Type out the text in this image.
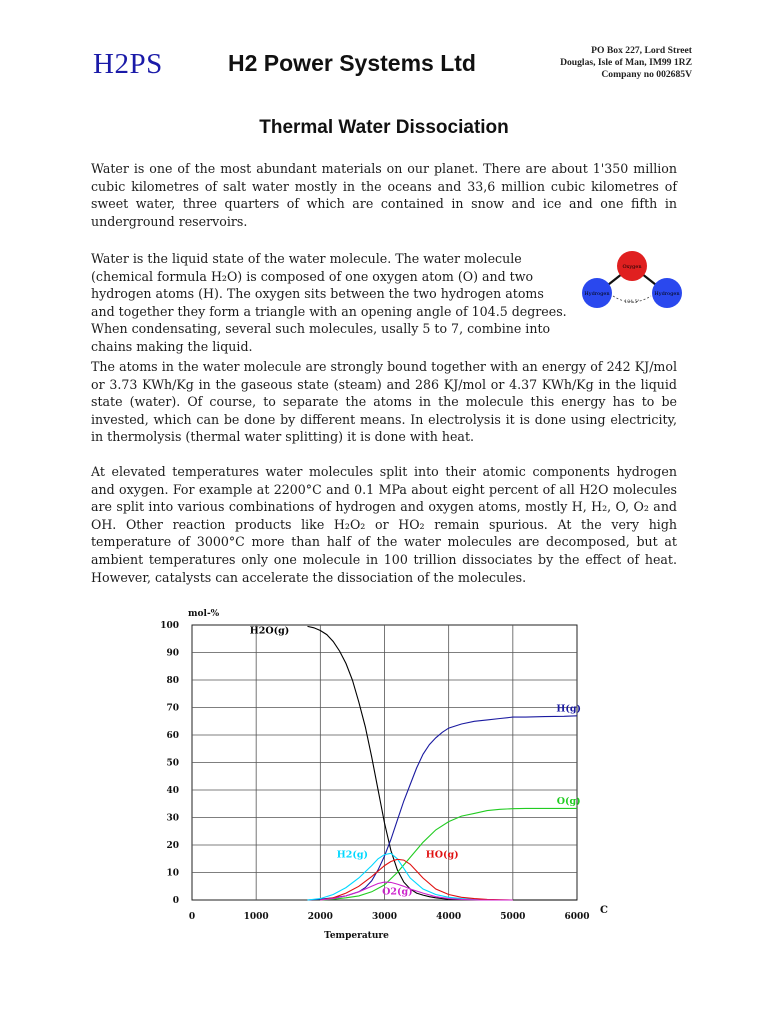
H2PS	H2 Power Systems Ltd	PO Box 227, Lord Street
Douglas, Isle of Man, IM99 1RZ
Company no 002685V
Thermal Water Dissociation

Water is one of the most abundant materials on our planet. There are about 1'350 million cubic kilometres of salt water mostly in the oceans and 33,6 million cubic kilometres of sweet water, three quarters of which are contained in snow and ice and one fifth in underground reservoirs.

Water is the liquid state of the water molecule. The water molecule (chemical formula H₂O) is composed of one oxygen atom (O) and two hydrogen atoms (H). The oxygen sits between the two hydrogen atoms and together they form a triangle with an opening angle of 104.5 degrees. When condensating, several such molecules, usally 5 to 7, combine into chains making the liquid.

Oxygen
Hydrogen	Hydrogen
104.5°

The atoms in the water molecule are strongly bound together with an energy of 242 KJ/mol or 3.73 KWh/Kg in the gaseous state (steam) and 286 KJ/mol or 4.37 KWh/Kg in the liquid state (water). Of course, to separate the atoms in the molecule this energy has to be invested, which can be done by different means. In electrolysis it is done using electricity, in thermolysis (thermal water splitting) it is done with heat.

At elevated temperatures water molecules split into their atomic components hydrogen and oxygen. For example at 2200°C and 0.1 MPa about eight percent of all H2O molecules are split into various combinations of hydrogen and oxygen atoms, mostly H, H₂, O, O₂ and OH. Other reaction products like H₂O₂ or HO₂ remain spurious. At the very high temperature of 3000°C more than half of the water molecules are decomposed, but at ambient temperatures only one molecule in 100 trillion dissociates by the effect of heat. However, catalysts can accelerate the dissociation of the molecules.

0
10
20
30
40
50
60
70
80
90
100
0	1000	2000	3000	4000	5000	6000
mol-%
Temperature
C
H2O(g)
H(g)
O(g)
H2(g)	HO(g)
O2(g)
